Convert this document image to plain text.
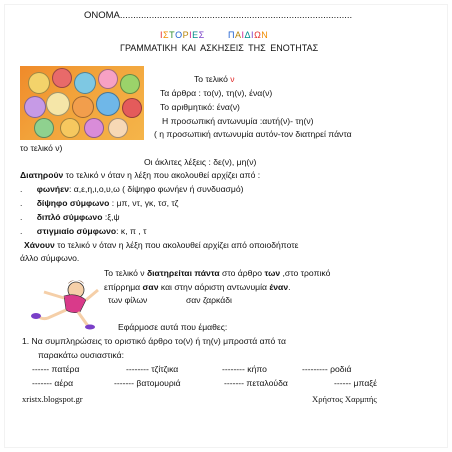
ΟΝΟΜΑ........................................................................................
ΙΣΤΟΡΙΕΣ	ΠΑΙΔΙΩΝ
ΓΡΑΜΜΑΤΙΚΗ ΚΑΙ ΑΣΚΗΣΕΙΣ ΤΗΣ ΕΝΟΤΗΤΑΣ
Το τελικό ν
Τα άρθρα : το(ν), τη(ν), ένα(ν)
Το αριθμητικό: ένα(ν)
Η προσωπική αντωνυμία :αυτή(ν)- τη(ν)
( η προσωπική αντωνυμία αυτόν-τον διατηρεί πάντα
το τελικό ν)
Οι άκλιτες λέξεις : δε(ν), μη(ν)
Διατηρούν το τελικό ν όταν η λέξη που ακολουθεί αρχίζει από :
.      φωνήεν: α,ε,η,ι,ο,υ,ω ( δίψηφο φωνήεν ή συνδυασμό)
.      δίψηφο σύμφωνο : μπ, ντ, γκ, τσ, τζ
.      διπλό σύμφωνο :ξ,ψ
.      στιγμιαίο σύμφωνο: κ, π , τ
Χάνουν το τελικό ν όταν η λέξη που ακολουθεί αρχίζει από οποιοδήποτε
άλλο σύμφωνο.
Το τελικό ν διατηρείται πάντα στο άρθρο των ,στο τροπικό
επίρρημα σαν και στην αόριστη αντωνυμία έναν.
των φίλων	σαν ζαρκάδι
Εφάρμοσε αυτά που έμαθες:
1. Να συμπληρώσεις το οριστικό άρθρο το(ν) ή τη(ν) μπροστά από τα
παρακάτω ουσιαστικά:
------ πατέρα	-------- τζίτζικα	-------- κήπο	--------- ροδιά
------- αέρα	------- βατομουριά	------- πεταλούδα	------ μπαξέ
xristx.blogspot.gr	Χρήστος Χαρμπής
